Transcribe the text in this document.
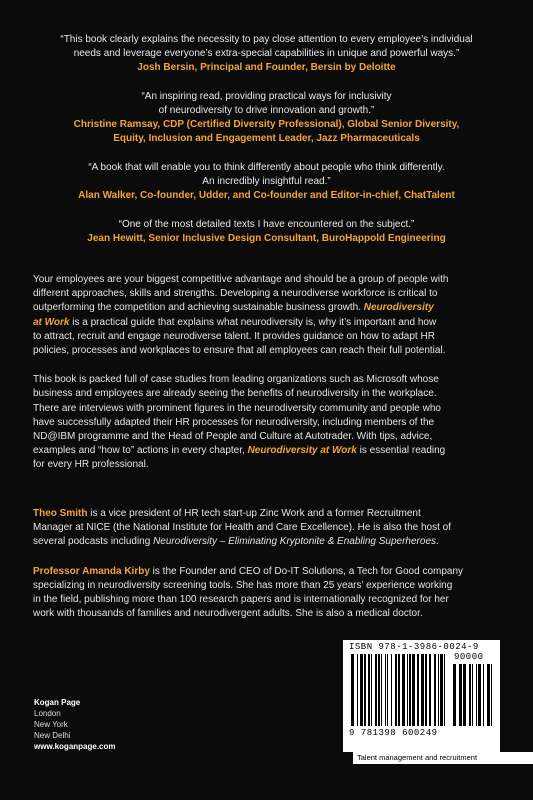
“This book clearly explains the necessity to pay close attention to every employee’s individual
needs and leverage everyone’s extra-special capabilities in unique and powerful ways.”
Josh Bersin, Principal and Founder, Bersin by Deloitte
“An inspiring read, providing practical ways for inclusivity
of neurodiversity to drive innovation and growth.”
Christine Ramsay, CDP (Certified Diversity Professional), Global Senior Diversity,
Equity, Inclusion and Engagement Leader, Jazz Pharmaceuticals
“A book that will enable you to think differently about people who think differently.
An incredibly insightful read.”
Alan Walker, Co-founder, Udder, and Co-founder and Editor-in-chief, ChatTalent
“One of the most detailed texts I have encountered on the subject.”
Jean Hewitt, Senior Inclusive Design Consultant, BuroHappold Engineering
Your employees are your biggest competitive advantage and should be a group of people with
different approaches, skills and strengths. Developing a neurodiverse workforce is critical to
outperforming the competition and achieving sustainable business growth. Neurodiversity
at Work is a practical guide that explains what neurodiversity is, why it’s important and how
to attract, recruit and engage neurodiverse talent. It provides guidance on how to adapt HR
policies, processes and workplaces to ensure that all employees can reach their full potential.
This book is packed full of case studies from leading organizations such as Microsoft whose
business and employees are already seeing the benefits of neurodiversity in the workplace.
There are interviews with prominent figures in the neurodiversity community and people who
have successfully adapted their HR processes for neurodiversity, including members of the
ND@IBM programme and the Head of People and Culture at Autotrader. With tips, advice,
examples and “how to” actions in every chapter, Neurodiversity at Work is essential reading
for every HR professional.
Theo Smith is a vice president of HR tech start-up Zinc Work and a former Recruitment
Manager at NICE (the National Institute for Health and Care Excellence). He is also the host of
several podcasts including Neurodiversity – Eliminating Kryptonite & Enabling Superheroes.
Professor Amanda Kirby is the Founder and CEO of Do-IT Solutions, a Tech for Good company
specializing in neurodiversity screening tools. She has more than 25 years’ experience working
in the field, publishing more than 100 research papers and is internationally recognized for her
work with thousands of families and neurodivergent adults. She is also a medical doctor.
Kogan Page
London
New York
New Delhi
www.koganpage.com
ISBN 978-1-3986-0024-9
90000
9 781398 600249
Talent management and recruitment
